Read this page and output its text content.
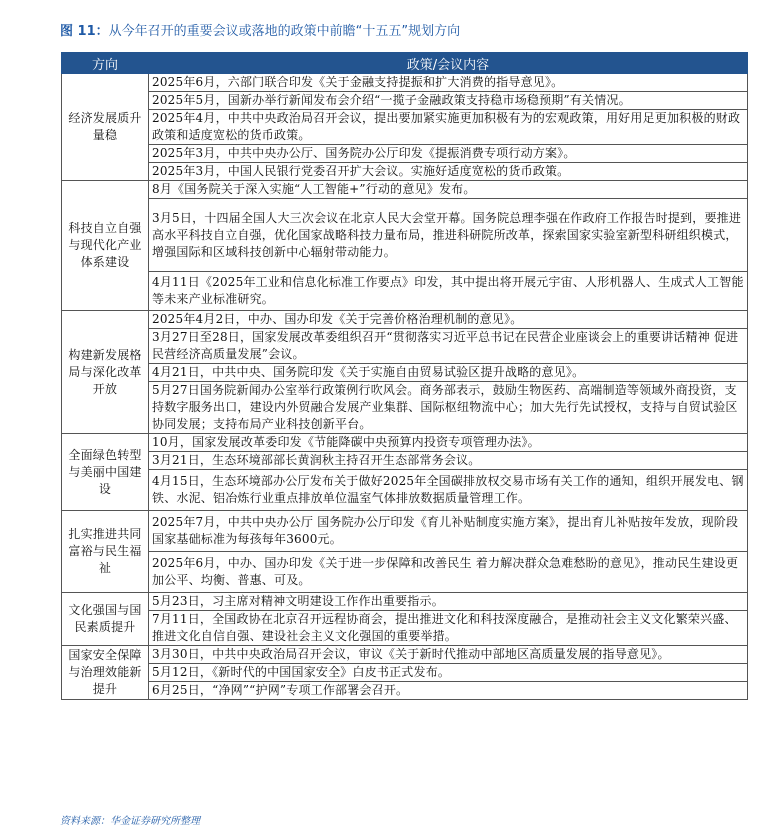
图 11：从今年召开的重要会议或落地的政策中前瞻“十五五”规划方向
方向	政策/会议内容
经济发展质升量稳	2025年6月，六部门联合印发《关于金融支持提振和扩大消费的指导意见》。
	2025年5月，国新办举行新闻发布会介绍“一揽子金融政策支持稳市场稳预期”有关情况。
	2025年4月，中共中央政治局召开会议，提出要加紧实施更加积极有为的宏观政策，用好用足更加积极的财政政策和适度宽松的货币政策。
	2025年3月，中共中央办公厅、国务院办公厅印发《提振消费专项行动方案》。
	2025年3月，中国人民银行党委召开扩大会议。实施好适度宽松的货币政策。
科技自立自强与现代化产业体系建设	8月《国务院关于深入实施“人工智能+”行动的意见》发布。
	3月5日，十四届全国人大三次会议在北京人民大会堂开幕。国务院总理李强在作政府工作报告时提到，要推进高水平科技自立自强，优化国家战略科技力量布局，推进科研院所改革，探索国家实验室新型科研组织模式，增强国际和区域科技创新中心辐射带动能力。
	4月11日《2025年工业和信息化标准工作要点》印发，其中提出将开展元宇宙、人形机器人、生成式人工智能等未来产业标准研究。
构建新发展格局与深化改革开放	2025年4月2日，中办、国办印发《关于完善价格治理机制的意见》。
	3月27日至28日，国家发展改革委组织召开“贯彻落实习近平总书记在民营企业座谈会上的重要讲话精神 促进民营经济高质量发展”会议。
	4月21日，中共中央、国务院印发《关于实施自由贸易试验区提升战略的意见》。
	5月27日国务院新闻办公室举行政策例行吹风会。商务部表示，鼓励生物医药、高端制造等领域外商投资，支持数字服务出口，建设内外贸融合发展产业集群、国际枢纽物流中心；加大先行先试授权，支持与自贸试验区协同发展；支持布局产业科技创新平台。
全面绿色转型与美丽中国建设	10月，国家发展改革委印发《节能降碳中央预算内投资专项管理办法》。
	3月21日，生态环境部部长黄润秋主持召开生态部常务会议。
	4月15日，生态环境部办公厅发布关于做好2025年全国碳排放权交易市场有关工作的通知，组织开展发电、钢铁、水泥、铝冶炼行业重点排放单位温室气体排放数据质量管理工作。
扎实推进共同富裕与民生福祉	2025年7月，中共中央办公厅 国务院办公厅印发《育儿补贴制度实施方案》，提出育儿补贴按年发放，现阶段国家基础标准为每孩每年3600元。
	2025年6月，中办、国办印发《关于进一步保障和改善民生 着力解决群众急难愁盼的意见》，推动民生建设更加公平、均衡、普惠、可及。
文化强国与国民素质提升	5月23日，习主席对精神文明建设工作作出重要指示。
	7月11日，全国政协在北京召开远程协商会，提出推进文化和科技深度融合，是推动社会主义文化繁荣兴盛、推进文化自信自强、建设社会主义文化强国的重要举措。
国家安全保障与治理效能新提升	3月30日，中共中央政治局召开会议，审议《关于新时代推动中部地区高质量发展的指导意见》。
	5月12日，《新时代的中国国家安全》白皮书正式发布。
	6月25日，“净网”“护网”专项工作部署会召开。
资料来源：华金证券研究所整理
